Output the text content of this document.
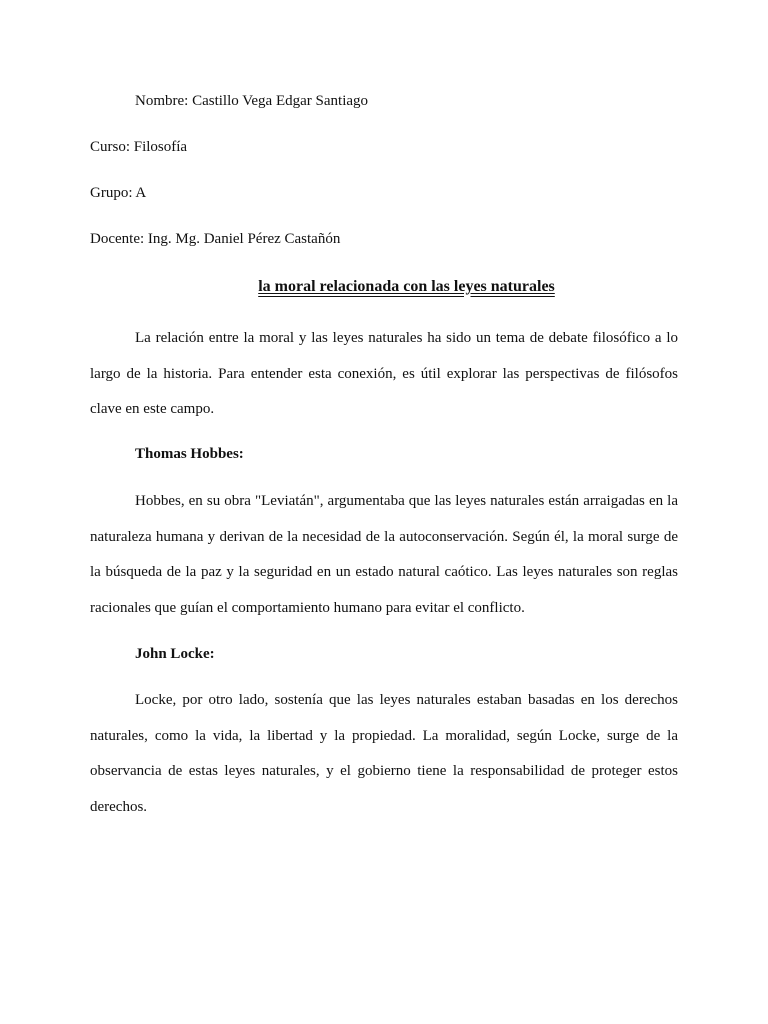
Nombre: Castillo Vega Edgar Santiago
Curso: Filosofía
Grupo: A
Docente: Ing. Mg. Daniel Pérez Castañón
la moral relacionada con las leyes naturales
La relación entre la moral y las leyes naturales ha sido un tema de debate filosófico a lo largo de la historia. Para entender esta conexión, es útil explorar las perspectivas de filósofos clave en este campo.
Thomas Hobbes:
Hobbes, en su obra "Leviatán", argumentaba que las leyes naturales están arraigadas en la naturaleza humana y derivan de la necesidad de la autoconservación. Según él, la moral surge de la búsqueda de la paz y la seguridad en un estado natural caótico. Las leyes naturales son reglas racionales que guían el comportamiento humano para evitar el conflicto.
John Locke:
Locke, por otro lado, sostenía que las leyes naturales estaban basadas en los derechos naturales, como la vida, la libertad y la propiedad. La moralidad, según Locke, surge de la observancia de estas leyes naturales, y el gobierno tiene la responsabilidad de proteger estos derechos.
